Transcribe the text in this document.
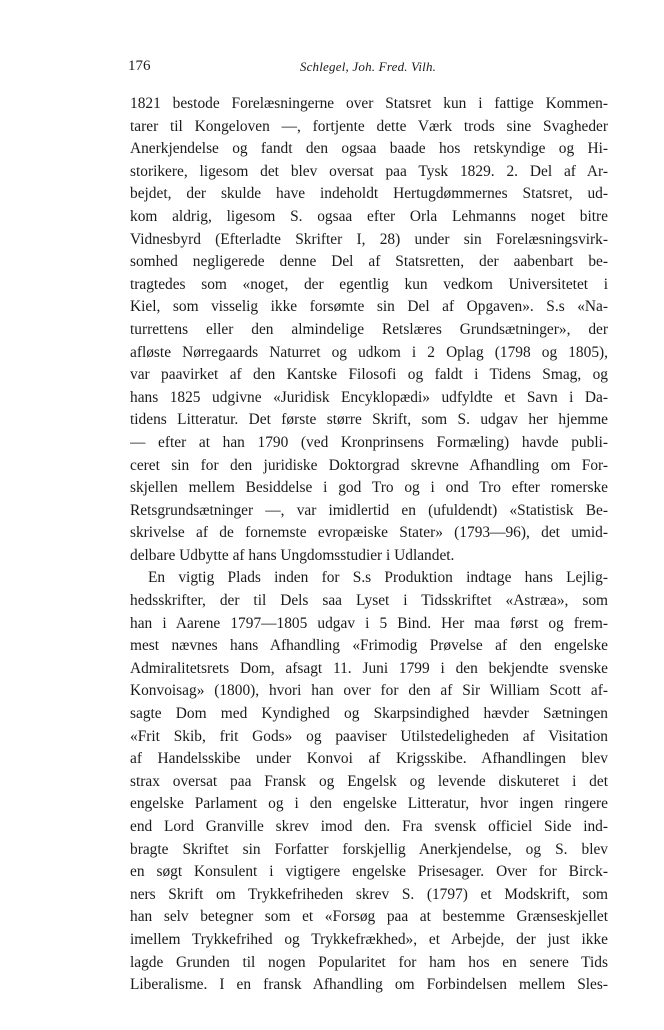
176	Schlegel, Joh. Fred. Vilh.
1821 bestode Forelæsningerne over Statsret kun i fattige Kommen-
tarer til Kongeloven —, fortjente dette Værk trods sine Svagheder
Anerkjendelse og fandt den ogsaa baade hos retskyndige og Hi-
storikere, ligesom det blev oversat paa Tysk 1829. 2. Del af Ar-
bejdet, der skulde have indeholdt Hertugdømmernes Statsret, ud-
kom aldrig, ligesom S. ogsaa efter Orla Lehmanns noget bitre
Vidnesbyrd (Efterladte Skrifter I, 28) under sin Forelæsningsvirk-
somhed negligerede denne Del af Statsretten, der aabenbart be-
tragtedes som «noget, der egentlig kun vedkom Universitetet i
Kiel, som visselig ikke forsømte sin Del af Opgaven». S.s «Na-
turrettens eller den almindelige Retslæres Grundsætninger», der
afløste Nørregaards Naturret og udkom i 2 Oplag (1798 og 1805),
var paavirket af den Kantske Filosofi og faldt i Tidens Smag, og
hans 1825 udgivne «Juridisk Encyklopædi» udfyldte et Savn i Da-
tidens Litteratur. Det første større Skrift, som S. udgav her hjemme
— efter at han 1790 (ved Kronprinsens Formæling) havde publi-
ceret sin for den juridiske Doktorgrad skrevne Afhandling om For-
skjellen mellem Besiddelse i god Tro og i ond Tro efter romerske
Retsgrundsætninger —, var imidlertid en (ufuldendt) «Statistisk Be-
skrivelse af de fornemste evropæiske Stater» (1793—96), det umid-
delbare Udbytte af hans Ungdomsstudier i Udlandet.
En vigtig Plads inden for S.s Produktion indtage hans Lejlig-
hedsskrifter, der til Dels saa Lyset i Tidsskriftet «Astræa», som
han i Aarene 1797—1805 udgav i 5 Bind. Her maa først og frem-
mest nævnes hans Afhandling «Frimodig Prøvelse af den engelske
Admiralitetsrets Dom, afsagt 11. Juni 1799 i den bekjendte svenske
Konvoisag» (1800), hvori han over for den af Sir William Scott af-
sagte Dom med Kyndighed og Skarpsindighed hævder Sætningen
«Frit Skib, frit Gods» og paaviser Utilstedeligheden af Visitation
af Handelsskibe under Konvoi af Krigsskibe. Afhandlingen blev
strax oversat paa Fransk og Engelsk og levende diskuteret i det
engelske Parlament og i den engelske Litteratur, hvor ingen ringere
end Lord Granville skrev imod den. Fra svensk officiel Side ind-
bragte Skriftet sin Forfatter forskjellig Anerkjendelse, og S. blev
en søgt Konsulent i vigtigere engelske Prisesager. Over for Birck-
ners Skrift om Trykkefriheden skrev S. (1797) et Modskrift, som
han selv betegner som et «Forsøg paa at bestemme Grænseskjellet
imellem Trykkefrihed og Trykkefrækhed», et Arbejde, der just ikke
lagde Grunden til nogen Popularitet for ham hos en senere Tids
Liberalisme. I en fransk Afhandling om Forbindelsen mellem Sles-
